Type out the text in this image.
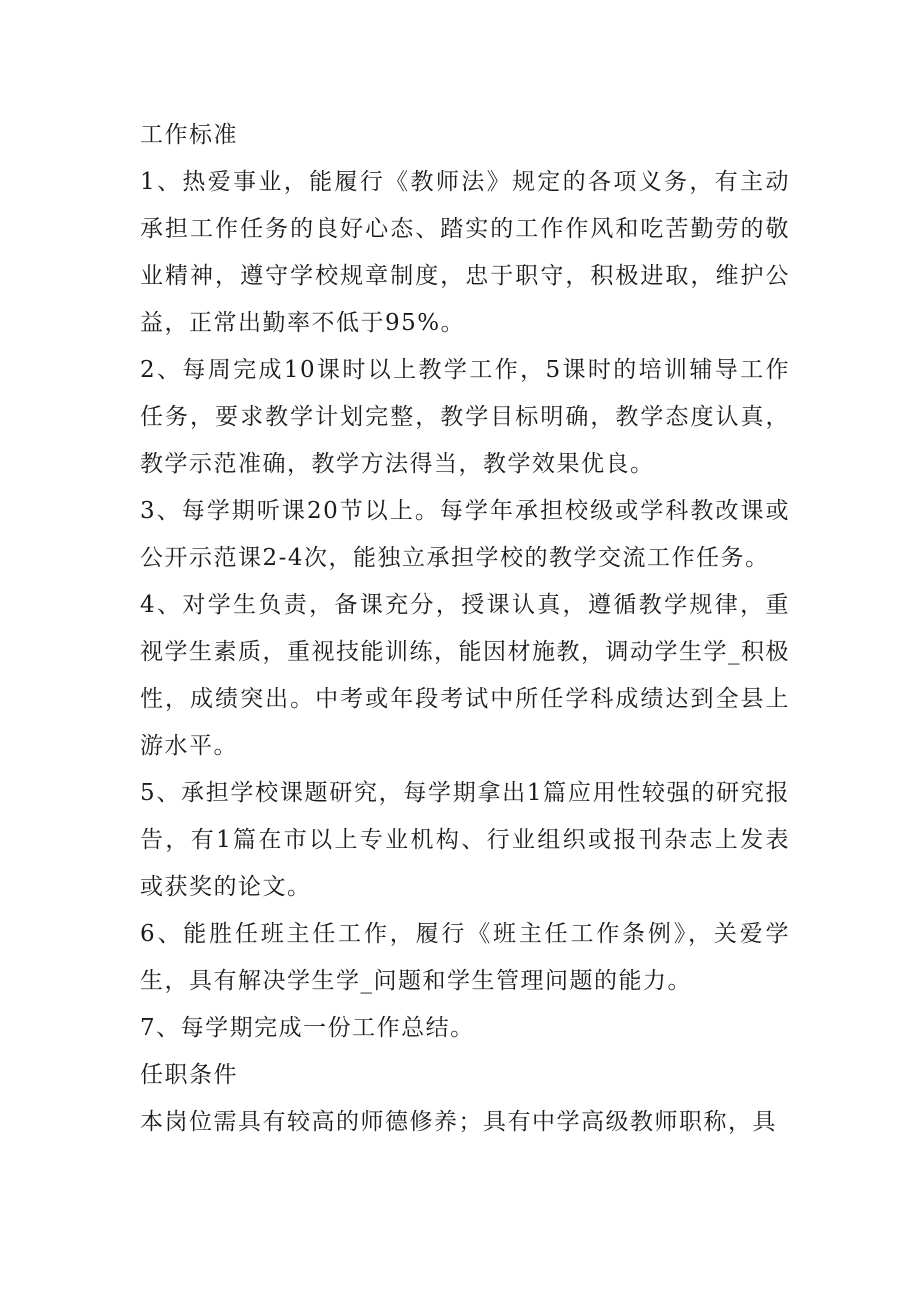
工作标准

1、热爱事业，能履行《教师法》规定的各项义务，有主动承担工作任务的良好心态、踏实的工作作风和吃苦勤劳的敬业精神，遵守学校规章制度，忠于职守，积极进取，维护公益，正常出勤率不低于95%。

2、每周完成10课时以上教学工作，5课时的培训辅导工作任务，要求教学计划完整，教学目标明确，教学态度认真，教学示范准确，教学方法得当，教学效果优良。

3、每学期听课20节以上。每学年承担校级或学科教改课或公开示范课2-4次，能独立承担学校的教学交流工作任务。

4、对学生负责，备课充分，授课认真，遵循教学规律，重视学生素质，重视技能训练，能因材施教，调动学生学_积极性，成绩突出。中考或年段考试中所任学科成绩达到全县上游水平。

5、承担学校课题研究，每学期拿出1篇应用性较强的研究报告，有1篇在市以上专业机构、行业组织或报刊杂志上发表或获奖的论文。

6、能胜任班主任工作，履行《班主任工作条例》，关爱学生，具有解决学生学_问题和学生管理问题的能力。

7、每学期完成一份工作总结。

任职条件

本岗位需具有较高的师德修养；具有中学高级教师职称，具
